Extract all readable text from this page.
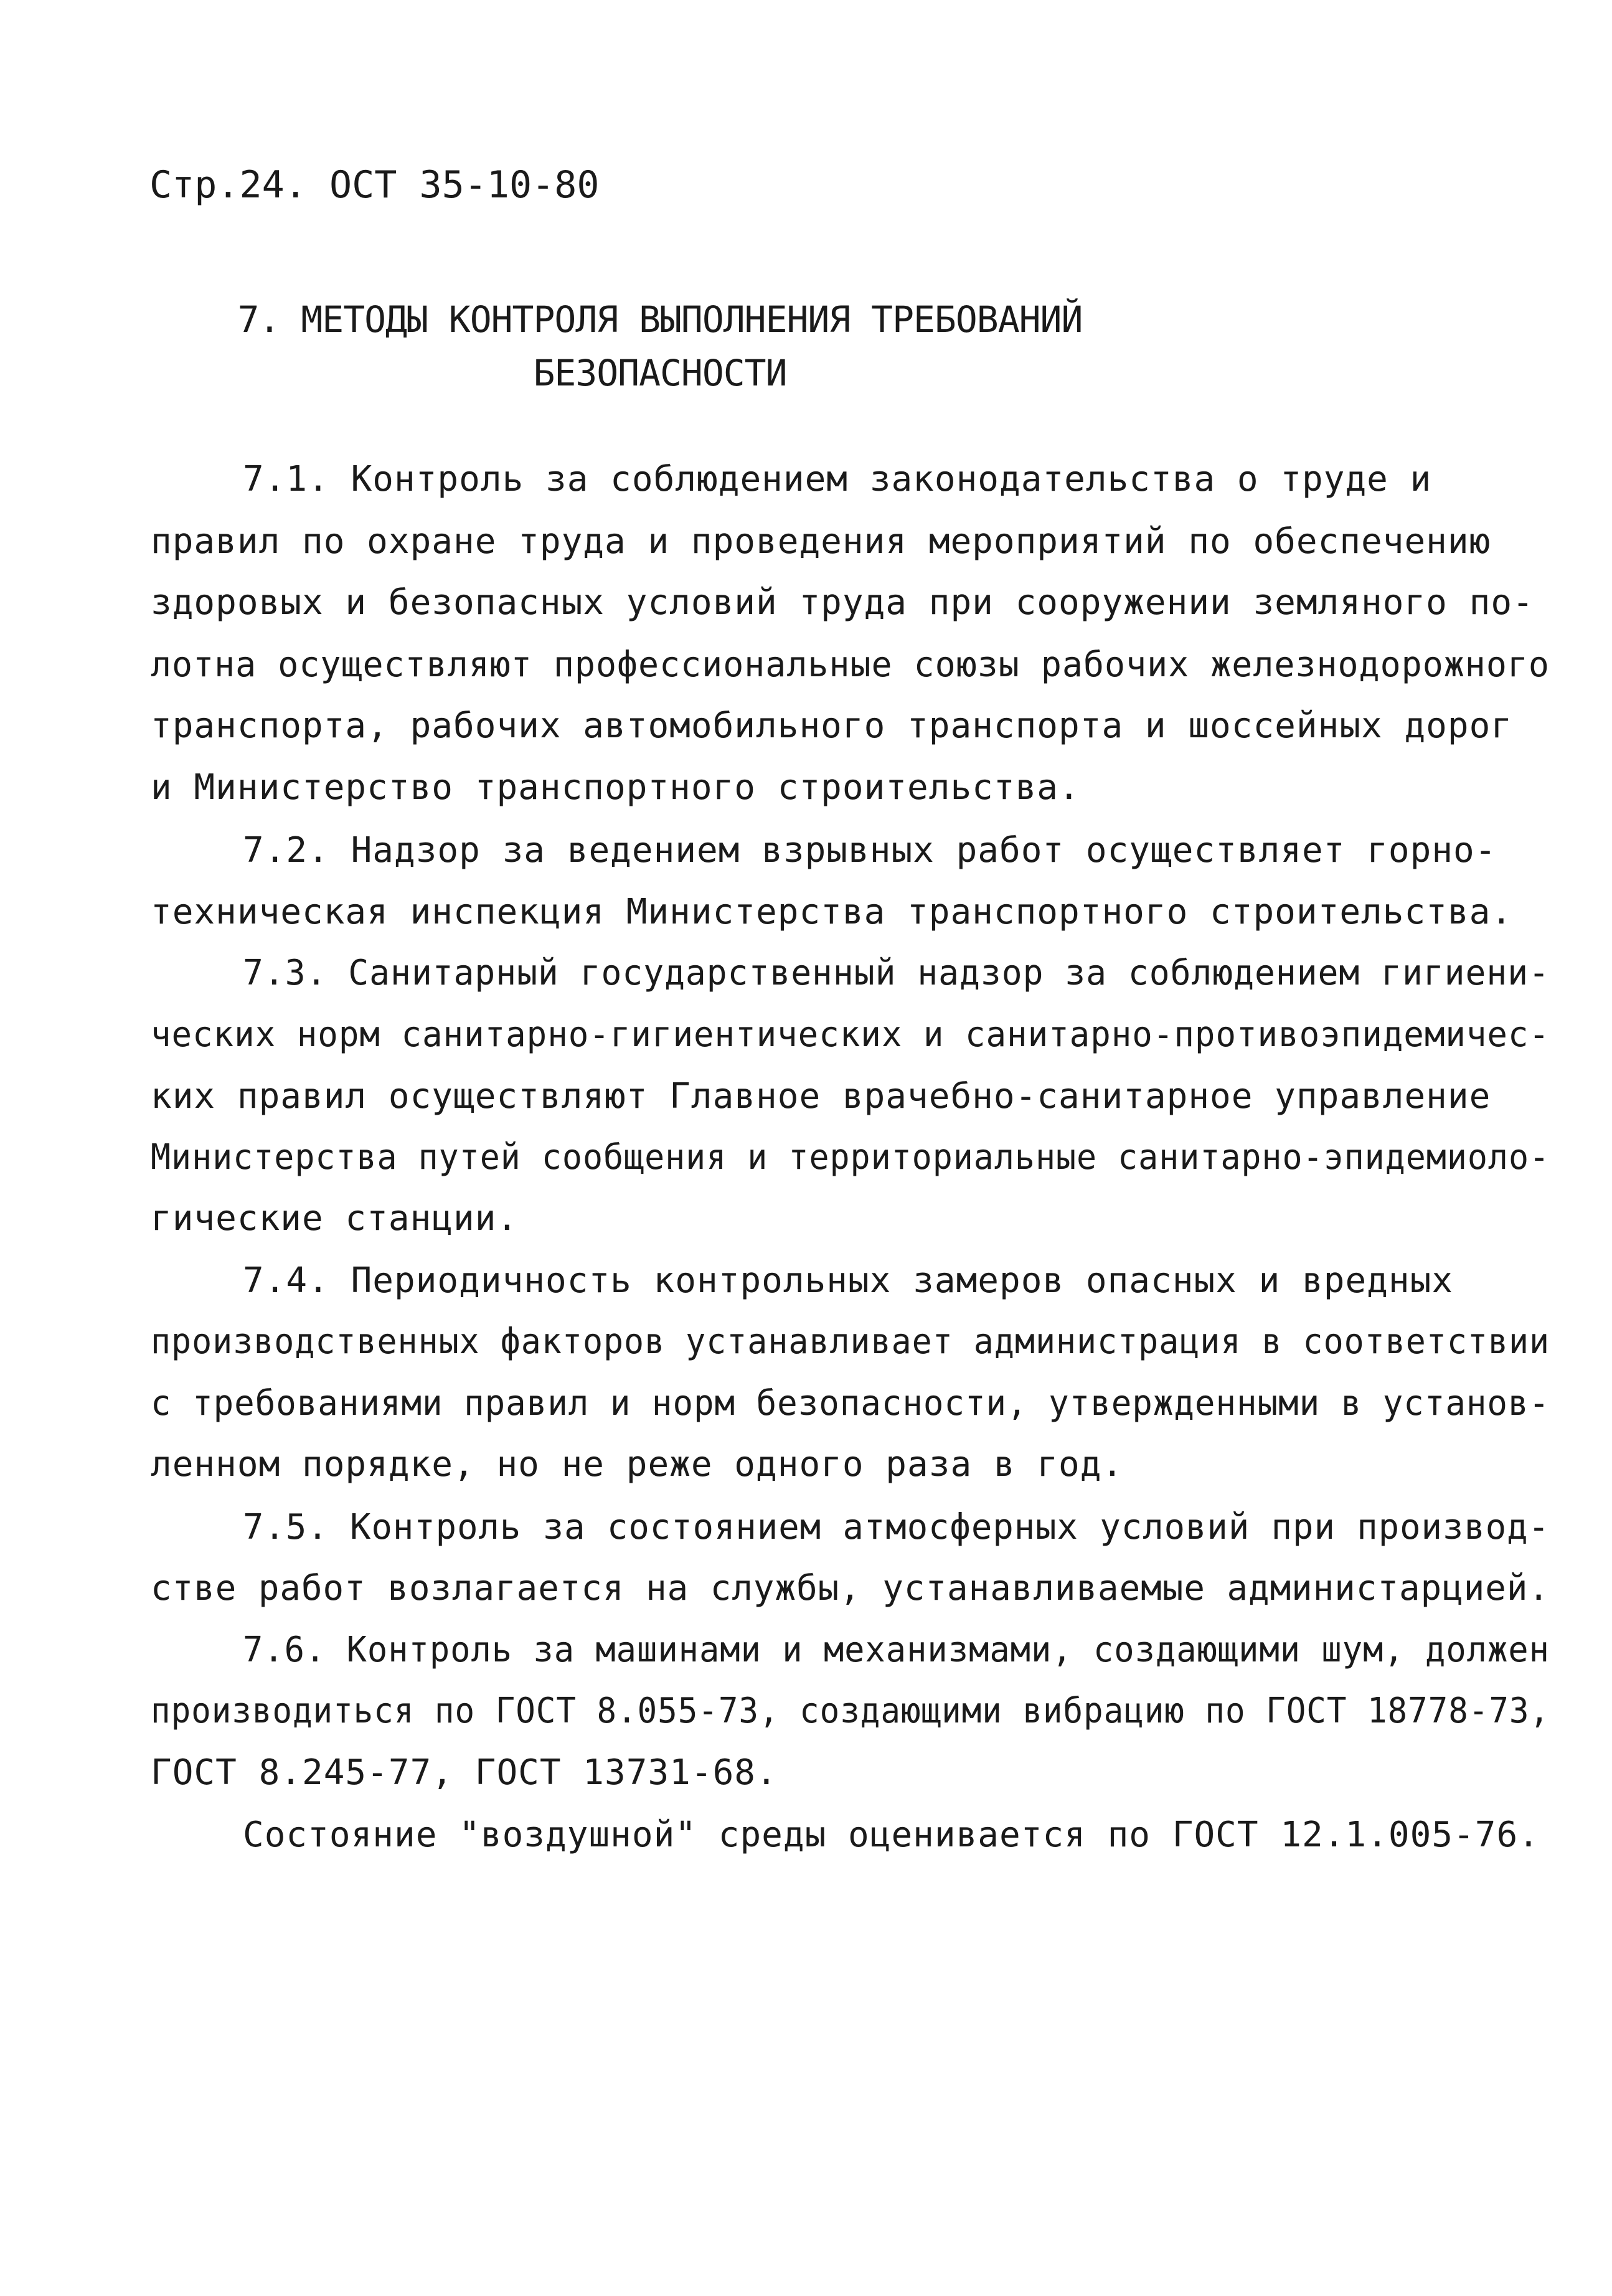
Стр.24. ОСТ 35-10-80
7. МЕТОДЫ КОНТРОЛЯ ВЫПОЛНЕНИЯ ТРЕБОВАНИЙ
БЕЗОПАСНОСТИ
7.1. Контроль за соблюдением законодательства о труде и
правил по охране труда и проведения мероприятий по обеспечению
здоровых и безопасных условий труда при сооружении земляного по-
лотна осуществляют профессиональные союзы рабочих железнодорожного
транспорта, рабочих автомобильного транспорта и шоссейных дорог
и Министерство транспортного строительства.
7.2. Надзор за ведением взрывных работ осуществляет горно-
техническая инспекция Министерства транспортного строительства.
7.3. Санитарный государственный надзор за соблюдением гигиени-
ческих норм санитарно-гигиентических и санитарно-противоэпидемичес-
ких правил осуществляют Главное врачебно-санитарное управление
Министерства путей сообщения и территориальные санитарно-эпидемиоло-
гические станции.
7.4. Периодичность контрольных замеров опасных и вредных
производственных факторов устанавливает администрация в соответствии
с требованиями правил и норм безопасности, утвержденными в установ-
ленном порядке, но не реже одного раза в год.
7.5. Контроль за состоянием атмосферных условий при производ-
стве работ возлагается на службы, устанавливаемые администарцией.
7.6. Контроль за машинами и механизмами, создающими шум, должен
производиться по ГОСТ 8.055-73, создающими вибрацию по ГОСТ 18778-73,
ГОСТ 8.245-77, ГОСТ 13731-68.
Состояние "воздушной" среды оценивается по ГОСТ 12.1.005-76.
